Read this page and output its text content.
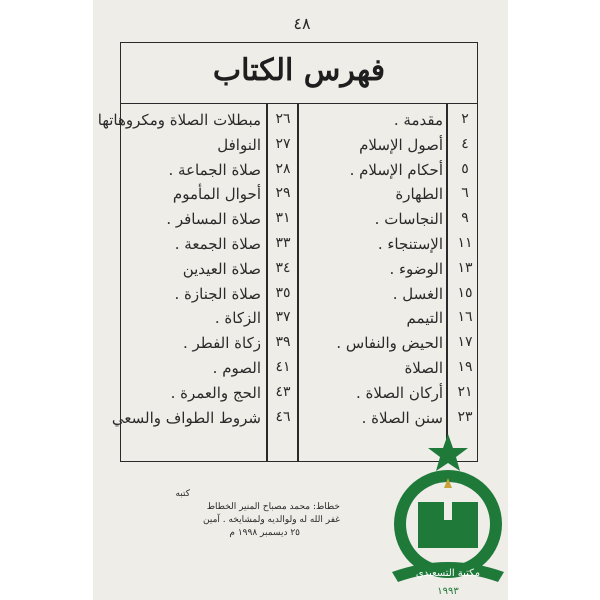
٤٨
فهرس الكتاب
٢
مقدمة .
٤
أصول الإسلام
٥
أحكام الإسلام .
٦
الطهارة
٩
النجاسات .
١١
الإستنجاء .
١٣
الوضوء .
١٥
الغسل .
١٦
التيمم
١٧
الحيض والنفاس .
١٩
الصلاة
٢١
أركان الصلاة .
٢٣
سنن الصلاة .
٢٦
مبطلات الصلاة ومكروهاتها
٢٧
النوافل
٢٨
صلاة الجماعة .
٢٩
أحوال المأموم
٣١
صلاة المسافر .
٣٣
صلاة الجمعة .
٣٤
صلاة العيدين
٣٥
صلاة الجنازة .
٣٧
الزكاة .
٣٩
زكاة الفطر .
٤١
الصوم .
٤٣
الحج والعمرة .
٤٦
شروط الطواف والسعي
كتبه
خطاط: محمد مصباح المنير الخطاط
غفر الله له ولوالديه ولمشايخه . آمين
٢٥ ديسمبر ١٩٩٨ م
مكتبة التسعيدي
١٩٩٣
